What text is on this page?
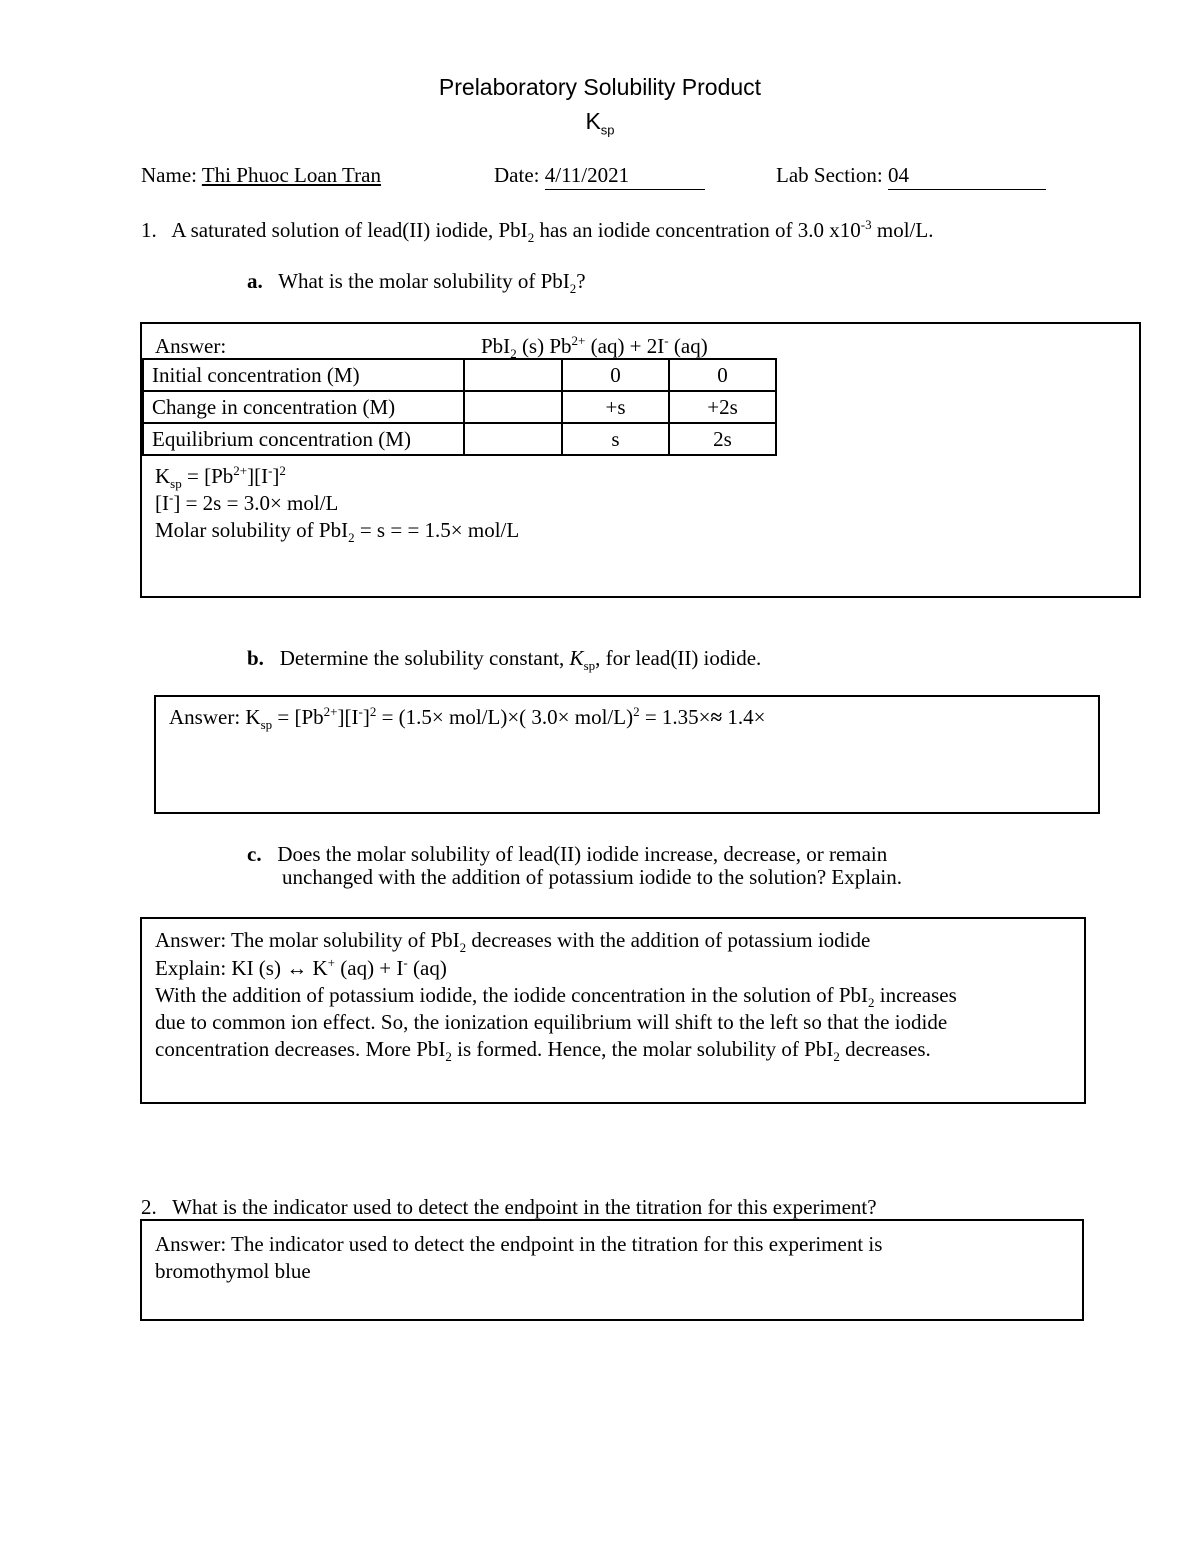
Prelaboratory Solubility Product
$K_{sp}$
Name: Thi Phuoc Loan Tran	Date: 4/11/2021	Lab Section: 04
1. A saturated solution of lead(II) iodide, PbI$_2$ has an iodide concentration of 3.0 $x10^{-3}$ mol/L.
a. What is the molar solubility of PbI$_2$?
Answer:	PbI$_2$ (s) $Pb^{2+}$ (aq) + 2I- (aq)
Initial concentration (M)		0	0
Change in concentration (M)		+s	+2s
Equilibrium concentration (M)		s	2s
$K_{sp} = [Pb^{2+}][I^-]^2$
[I-] = 2s = 3.0× mol/L
Molar solubility of PbI$_2$ = s = = 1.5× mol/L
b. Determine the solubility constant, $K_{sp}$, for lead(II) iodide.
Answer: $K_{sp} = [Pb^{2+}][I^-]^2 = (1.5\times mol/L)\times$( 3.0× mol/L)$^2$ = 1.35×≈ 1.4×
c. Does the molar solubility of lead(II) iodide increase, decrease, or remain
unchanged with the addition of potassium iodide to the solution? Explain.
Answer: The molar solubility of PbI$_2$ decreases with the addition of potassium iodide
Explain: KI (s) ↔ K+ (aq) + I- (aq)
With the addition of potassium iodide, the iodide concentration in the solution of PbI$_2$ increases
due to common ion effect. So, the ionization equilibrium will shift to the left so that the iodide
concentration decreases. More PbI$_2$ is formed. Hence, the molar solubility of PbI$_2$ decreases.
2. What is the indicator used to detect the endpoint in the titration for this experiment?
Answer: The indicator used to detect the endpoint in the titration for this experiment is
bromothymol blue
